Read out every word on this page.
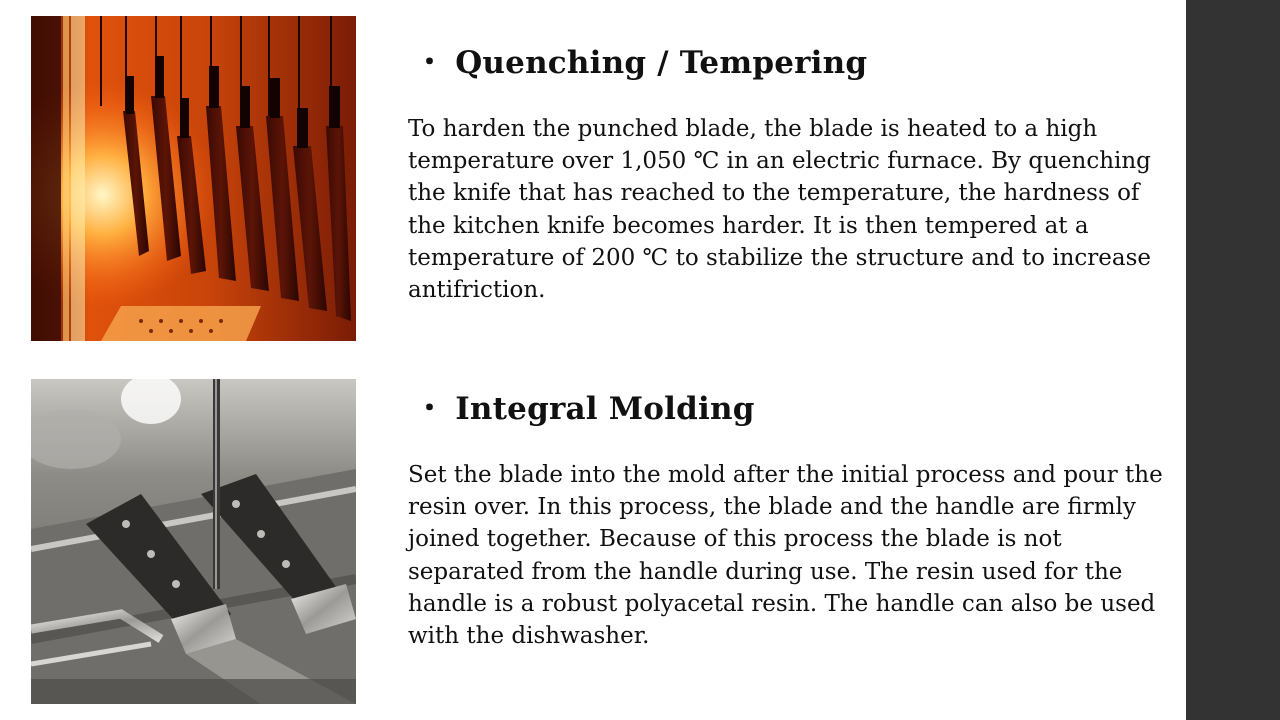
・ Quenching / Tempering

To harden the punched blade, the blade is heated to a high temperature over 1,050 ℃ in an electric furnace. By quenching the knife that has reached to the temperature, the hardness of the kitchen knife becomes harder. It is then tempered at a temperature of 200 ℃ to stabilize the structure and to increase antifriction.

・ Integral Molding

Set the blade into the mold after the initial process and pour the resin over. In this process, the blade and the handle are firmly joined together. Because of this process the blade is not separated from the handle during use. The resin used for the handle is a robust polyacetal resin. The handle can also be used with the dishwasher.
